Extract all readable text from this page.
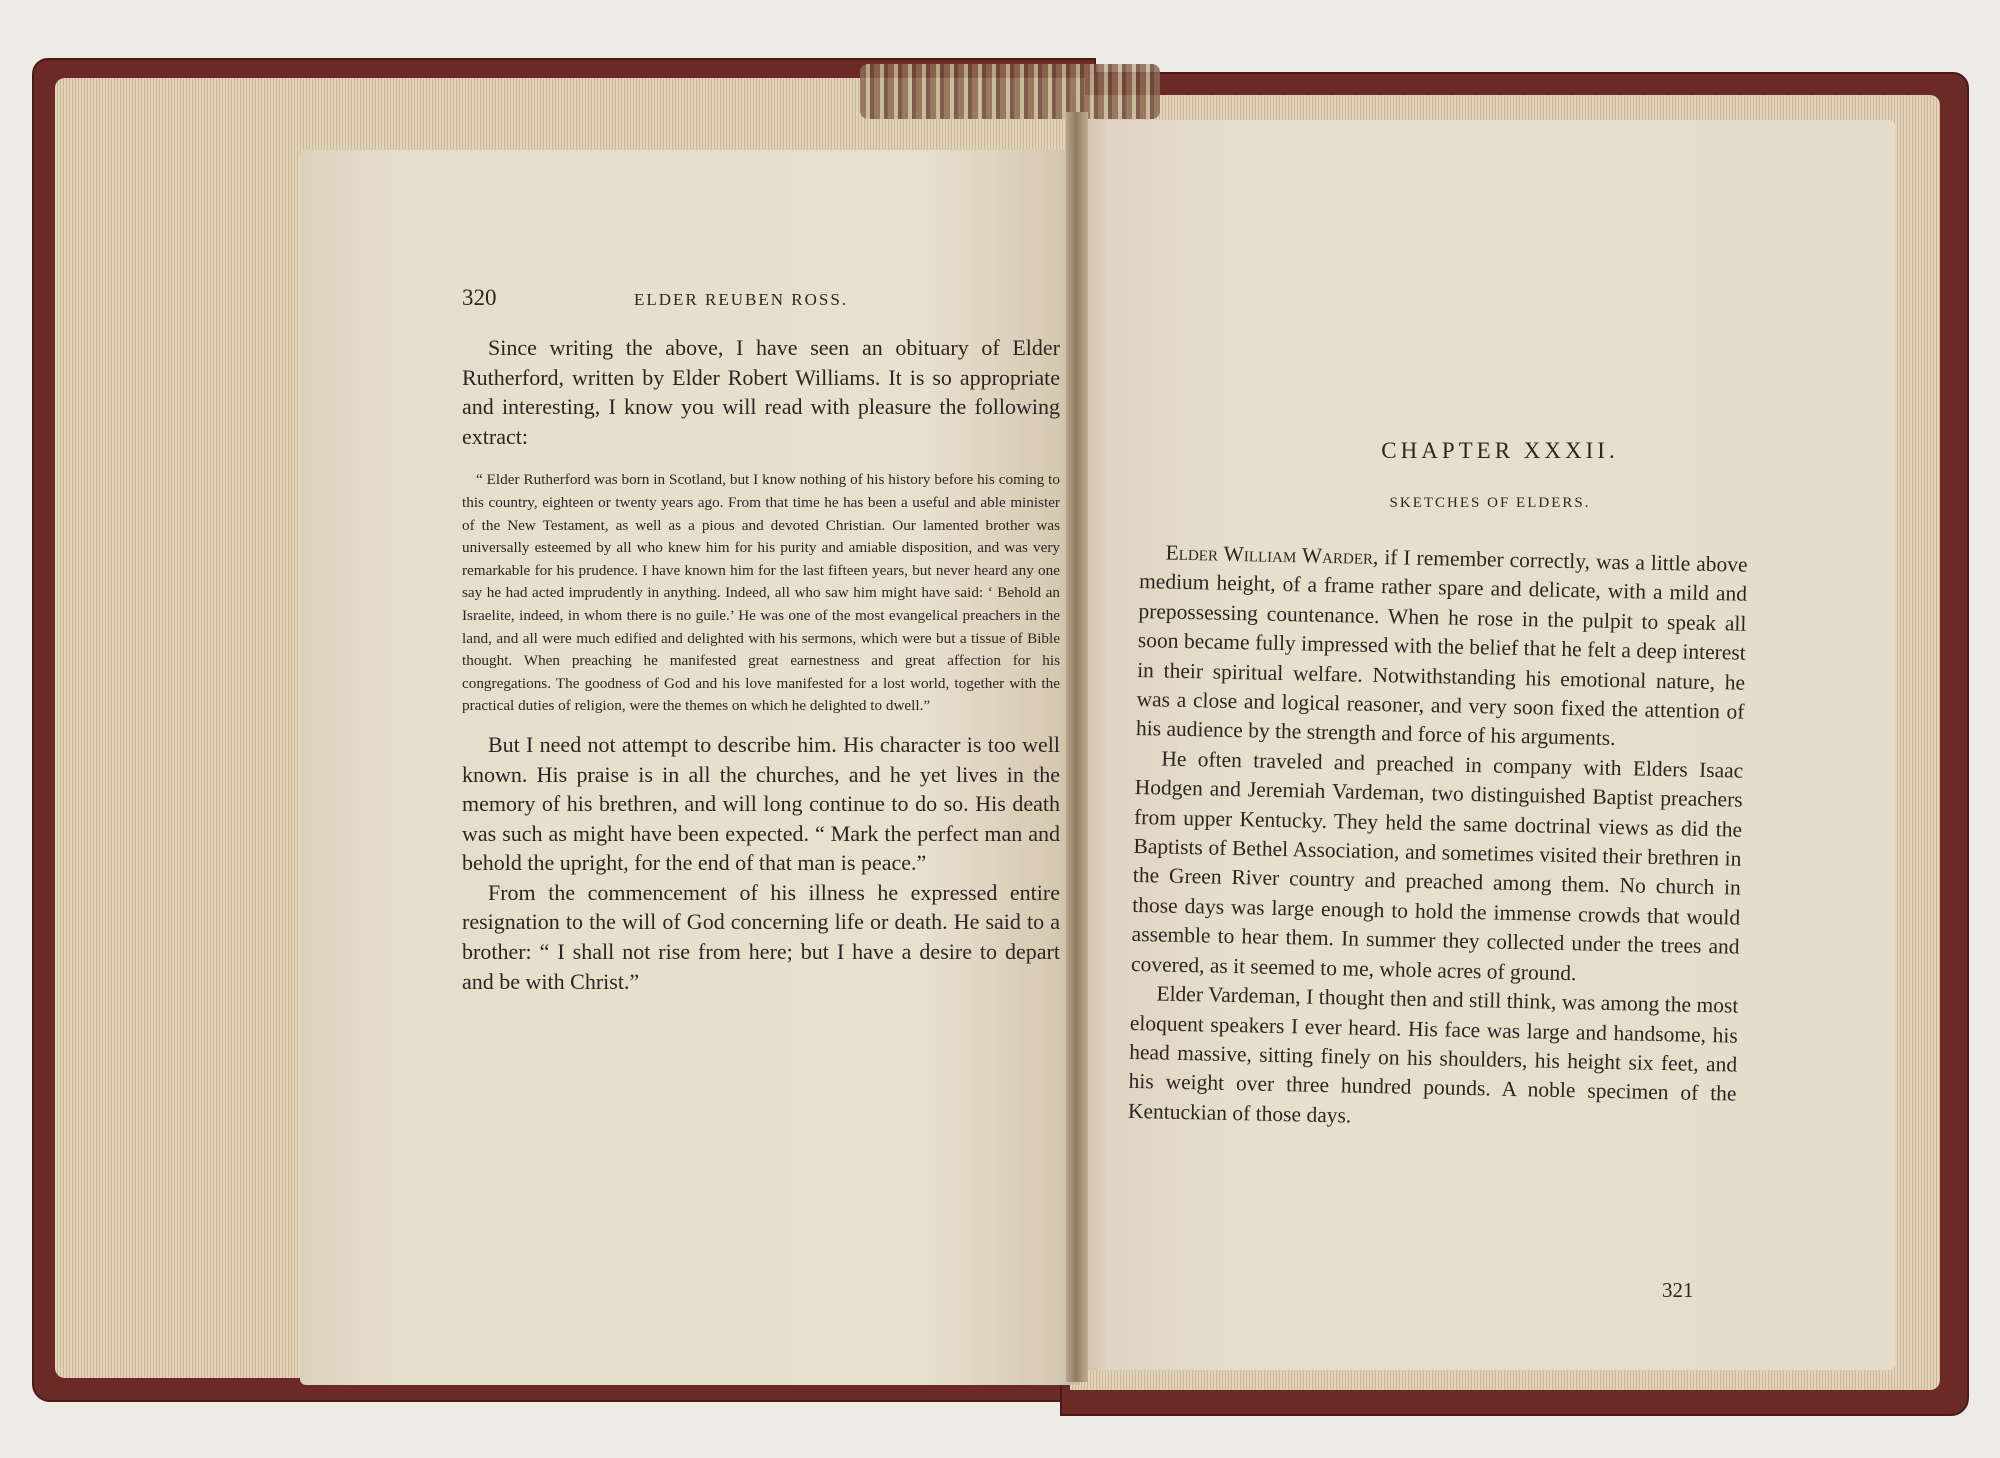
320	ELDER REUBEN ROSS.

Since writing the above, I have seen an obituary of Elder Rutherford, written by Elder Robert Williams. It is so appropriate and interesting, I know you will read with pleasure the following extract:

“ Elder Rutherford was born in Scotland, but I know nothing of his history before his coming to this country, eighteen or twenty years ago. From that time he has been a useful and able minister of the New Testament, as well as a pious and devoted Christian. Our lamented brother was universally esteemed by all who knew him for his purity and amiable disposition, and was very remarkable for his prudence. I have known him for the last fifteen years, but never heard any one say he had acted imprudently in anything. Indeed, all who saw him might have said: ‘ Behold an Israelite, indeed, in whom there is no guile.’ He was one of the most evangelical preachers in the land, and all were much edified and delighted with his sermons, which were but a tissue of Bible thought. When preaching he manifested great earnestness and great affection for his congregations. The goodness of God and his love manifested for a lost world, together with the practical duties of religion, were the themes on which he delighted to dwell.”

But I need not attempt to describe him. His character is too well known. His praise is in all the churches, and he yet lives in the memory of his brethren, and will long continue to do so. His death was such as might have been expected. “ Mark the perfect man and behold the upright, for the end of that man is peace.”

From the commencement of his illness he expressed entire resignation to the will of God concerning life or death. He said to a brother: “ I shall not rise from here; but I have a desire to depart and be with Christ.”

CHAPTER XXXII.
SKETCHES OF ELDERS.

Elder William Warder, if I remember correctly, was a little above medium height, of a frame rather spare and delicate, with a mild and prepossessing countenance. When he rose in the pulpit to speak all soon became fully impressed with the belief that he felt a deep interest in their spiritual welfare. Notwithstanding his emotional nature, he was a close and logical reasoner, and very soon fixed the attention of his audience by the strength and force of his arguments.

He often traveled and preached in company with Elders Isaac Hodgen and Jeremiah Vardeman, two distinguished Baptist preachers from upper Kentucky. They held the same doctrinal views as did the Baptists of Bethel Association, and sometimes visited their brethren in the Green River country and preached among them. No church in those days was large enough to hold the immense crowds that would assemble to hear them. In summer they collected under the trees and covered, as it seemed to me, whole acres of ground.

Elder Vardeman, I thought then and still think, was among the most eloquent speakers I ever heard. His face was large and handsome, his head massive, sitting finely on his shoulders, his height six feet, and his weight over three hundred pounds. A noble specimen of the Kentuckian of those days.

321
